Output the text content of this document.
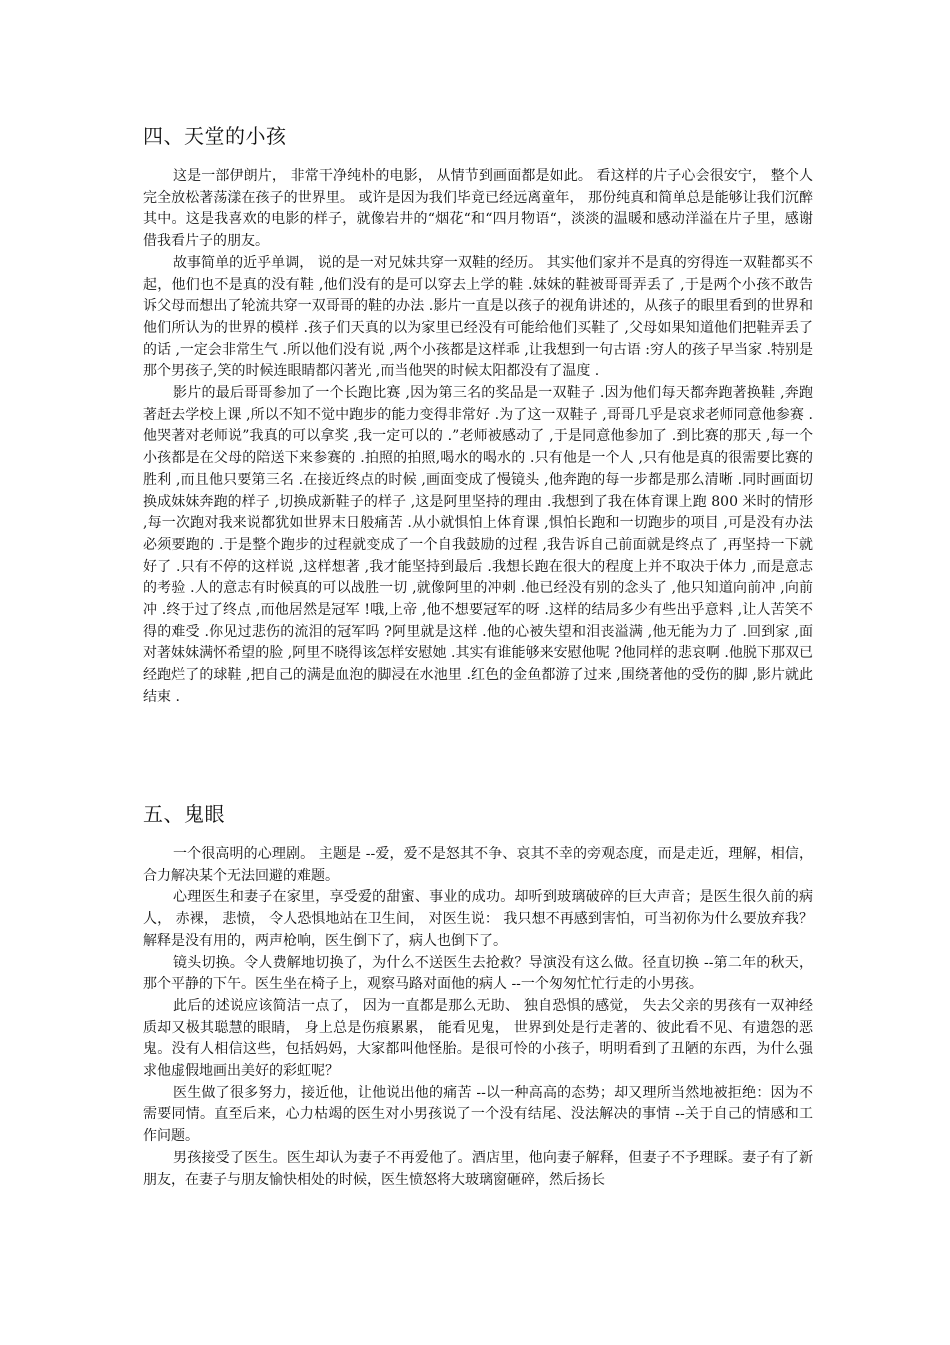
四、天堂的小孩

这是一部伊朗片， 非常干净纯朴的电影， 从情节到画面都是如此。 看这样的片子心会很安宁， 整个人完全放松著荡漾在孩子的世界里。 或许是因为我们毕竟已经远离童年， 那份纯真和简单总是能够让我们沉醉其中。这是我喜欢的电影的样子，就像岩井的“烟花“和“四月物语“，淡淡的温暖和感动洋溢在片子里，感谢借我看片子的朋友。

故事简单的近乎单调， 说的是一对兄妹共穿一双鞋的经历。 其实他们家并不是真的穷得连一双鞋都买不起，他们也不是真的没有鞋 ,他们没有的是可以穿去上学的鞋 .妹妹的鞋被哥哥弄丢了 ,于是两个小孩不敢告诉父母而想出了轮流共穿一双哥哥的鞋的办法 .影片一直是以孩子的视角讲述的，从孩子的眼里看到的世界和他们所认为的世界的模样 .孩子们天真的以为家里已经没有可能给他们买鞋了 ,父母如果知道他们把鞋弄丢了的话 ,一定会非常生气 .所以他们没有说 ,两个小孩都是这样乖 ,让我想到一句古语 :穷人的孩子早当家 .特别是那个男孩子,笑的时候连眼睛都闪著光 ,而当他哭的时候太阳都没有了温度 .

影片的最后哥哥参加了一个长跑比赛 ,因为第三名的奖品是一双鞋子 .因为他们每天都奔跑著换鞋 ,奔跑著赶去学校上课 ,所以不知不觉中跑步的能力变得非常好 .为了这一双鞋子 ,哥哥几乎是哀求老师同意他参赛 .他哭著对老师说”我真的可以拿奖 ,我一定可以的 .”老师被感动了 ,于是同意他参加了 .到比赛的那天 ,每一个小孩都是在父母的陪送下来参赛的 .拍照的拍照,喝水的喝水的 .只有他是一个人 ,只有他是真的很需要比赛的胜利 ,而且他只要第三名 .在接近终点的时候 ,画面变成了慢镜头 ,他奔跑的每一步都是那么清晰 .同时画面切换成妹妹奔跑的样子 ,切换成新鞋子的样子 ,这是阿里坚持的理由 .我想到了我在体育课上跑 800 米时的情形 ,每一次跑对我来说都犹如世界末日般痛苦 .从小就惧怕上体育课 ,惧怕长跑和一切跑步的项目 ,可是没有办法必须要跑的 .于是整个跑步的过程就变成了一个自我鼓励的过程 ,我告诉自己前面就是终点了 ,再坚持一下就好了 .只有不停的这样说 ,这样想著 ,我才能坚持到最后 .我想长跑在很大的程度上并不取决于体力 ,而是意志的考验 .人的意志有时候真的可以战胜一切 ,就像阿里的冲刺 .他已经没有别的念头了 ,他只知道向前冲 ,向前冲 .终于过了终点 ,而他居然是冠军 !哦,上帝 ,他不想要冠军的呀 .这样的结局多少有些出乎意料 ,让人苦笑不得的难受 .你见过悲伤的流泪的冠军吗 ?阿里就是这样 .他的心被失望和泪丧溢满 ,他无能为力了 .回到家 ,面对著妹妹满怀希望的脸 ,阿里不晓得该怎样安慰她 .其实有谁能够来安慰他呢 ?他同样的悲哀啊 .他脱下那双已经跑烂了的球鞋 ,把自己的满是血泡的脚浸在水池里 .红色的金鱼都游了过来 ,围绕著他的受伤的脚 ,影片就此结束 .

五、鬼眼

一个很高明的心理剧。 主题是 --爱，爱不是怒其不争、哀其不幸的旁观态度，而是走近，理解，相信，合力解决某个无法回避的难题。

心理医生和妻子在家里，享受爱的甜蜜、事业的成功。却听到玻璃破碎的巨大声音；是医生很久前的病人， 赤裸， 悲愤， 令人恐惧地站在卫生间， 对医生说： 我只想不再感到害怕，可当初你为什么要放弃我？解释是没有用的，两声枪响，医生倒下了，病人也倒下了。

镜头切换。令人费解地切换了，为什么不送医生去抢救？导演没有这么做。径直切换 --第二年的秋天，那个平静的下午。医生坐在椅子上，观察马路对面他的病人 --一个匆匆忙忙行走的小男孩。

此后的述说应该简洁一点了， 因为一直都是那么无助、 独自恐惧的感觉， 失去父亲的男孩有一双神经质却又极其聪慧的眼睛， 身上总是伤痕累累， 能看见鬼， 世界到处是行走著的、彼此看不见、有遗怨的恶鬼。没有人相信这些，包括妈妈，大家都叫他怪胎。是很可怜的小孩子，明明看到了丑陋的东西，为什么强求他虚假地画出美好的彩虹呢？

医生做了很多努力，接近他，让他说出他的痛苦 --以一种高高的态势；却又理所当然地被拒绝：因为不需要同情。直至后来，心力枯竭的医生对小男孩说了一个没有结尾、没法解决的事情 --关于自己的情感和工作问题。

男孩接受了医生。医生却认为妻子不再爱他了。酒店里，他向妻子解释，但妻子不予理睬。妻子有了新朋友，在妻子与朋友愉快相处的时候，医生愤怒将大玻璃窗砸碎，然后扬长
